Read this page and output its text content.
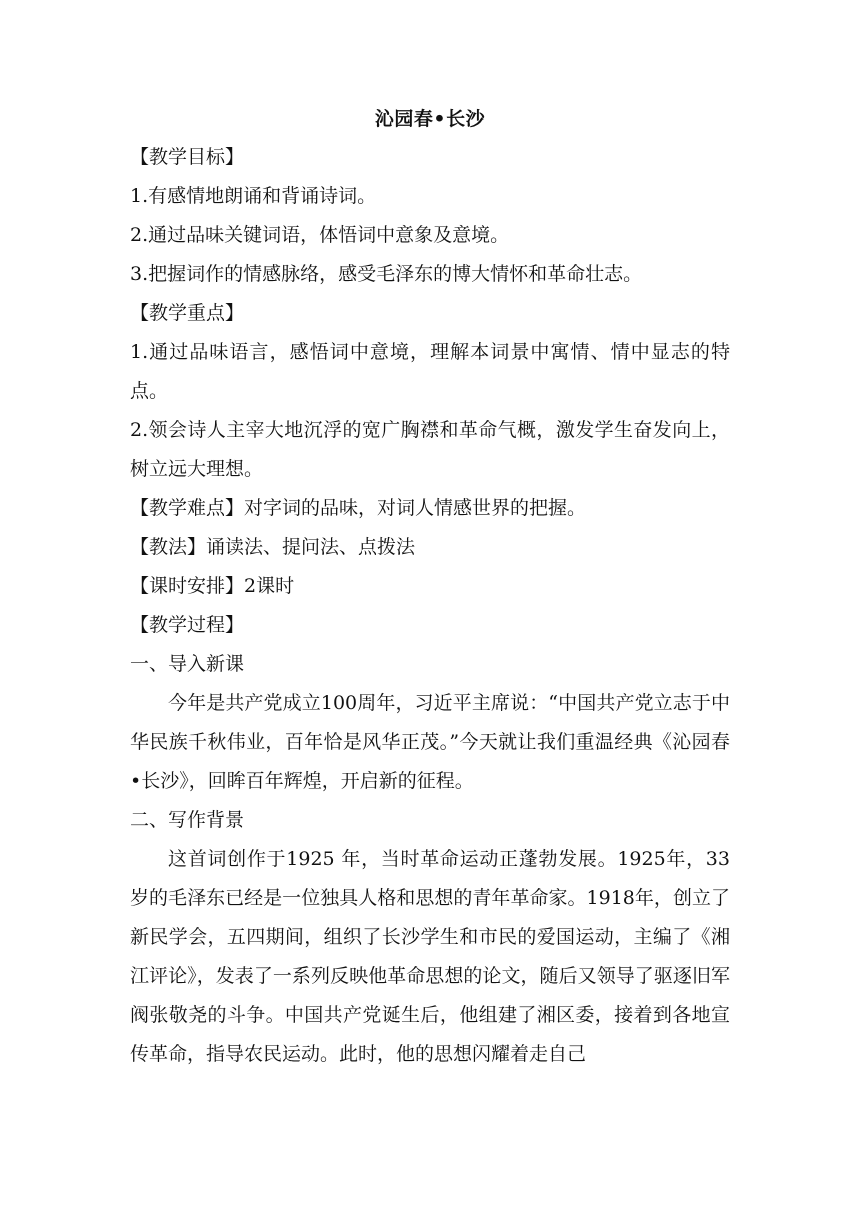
沁园春•长沙
【教学目标】
1.有感情地朗诵和背诵诗词。
2.通过品味关键词语，体悟词中意象及意境。
3.把握词作的情感脉络，感受毛泽东的博大情怀和革命壮志。
【教学重点】
1.通过品味语言，感悟词中意境，理解本词景中寓情、情中显志的特点。
2.领会诗人主宰大地沉浮的宽广胸襟和革命气概，激发学生奋发向上，树立远大理想。
【教学难点】对字词的品味，对词人情感世界的把握。
【教法】诵读法、提问法、点拨法
【课时安排】2课时
【教学过程】
一、导入新课
今年是共产党成立100周年，习近平主席说：“中国共产党立志于中华民族千秋伟业，百年恰是风华正茂。”今天就让我们重温经典《沁园春•长沙》，回眸百年辉煌，开启新的征程。
二、写作背景
这首词创作于1925 年，当时革命运动正蓬勃发展。1925年，33岁的毛泽东已经是一位独具人格和思想的青年革命家。1918年，创立了新民学会，五四期间，组织了长沙学生和市民的爱国运动，主编了《湘江评论》，发表了一系列反映他革命思想的论文，随后又领导了驱逐旧军阀张敬尧的斗争。中国共产党诞生后，他组建了湘区委，接着到各地宣传革命，指导农民运动。此时，他的思想闪耀着走自己
